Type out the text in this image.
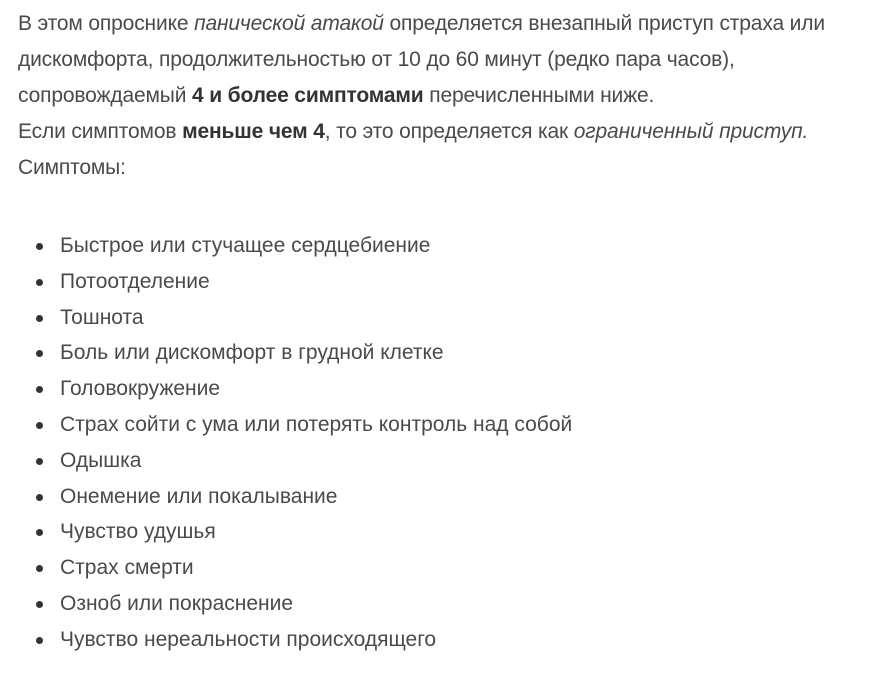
В этом опроснике панической атакой определяется внезапный приступ страха или дискомфорта, продолжительностью от 10 до 60 минут (редко пара часов), сопровождаемый 4 и более симптомами перечисленными ниже.
Если симптомов меньше чем 4, то это определяется как ограниченный приступ.
Симптомы:

Быстрое или стучащее сердцебиение
Потоотделение
Тошнота
Боль или дискомфорт в грудной клетке
Головокружение
Страх сойти с ума или потерять контроль над собой
Одышка
Онемение или покалывание
Чувство удушья
Страх смерти
Озноб или покраснение
Чувство нереальности происходящего
